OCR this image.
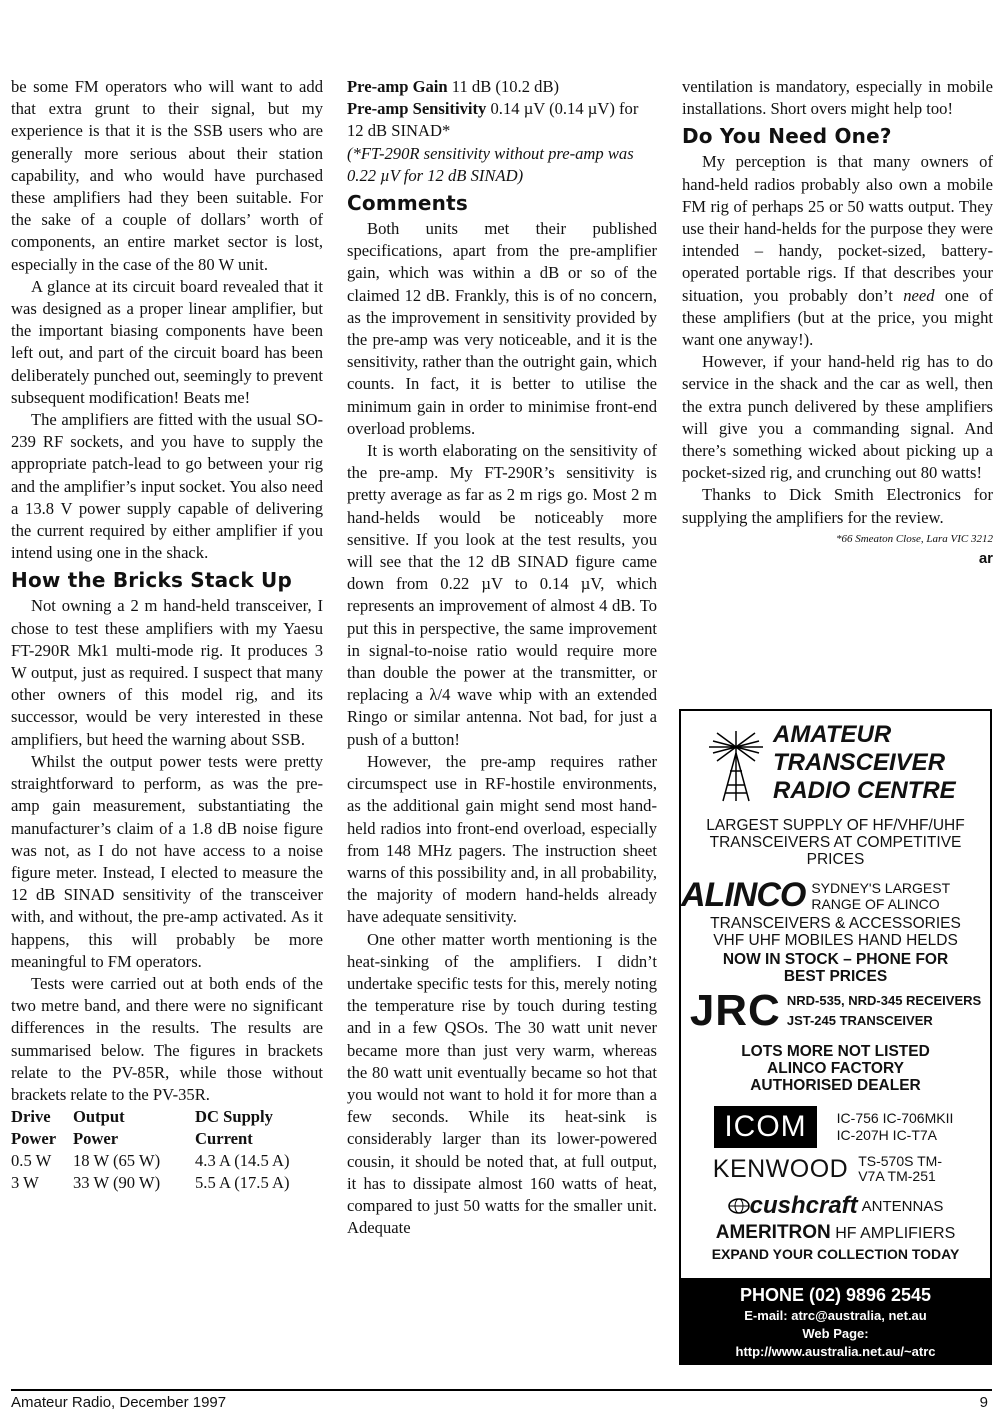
be some FM operators who will want to add that extra grunt to their signal, but my experience is that it is the SSB users who are generally more serious about their station capability, and who would have purchased these amplifiers had they been suitable. For the sake of a couple of dollars’ worth of components, an entire market sector is lost, especially in the case of the 80 W unit.

A glance at its circuit board revealed that it was designed as a proper linear amplifier, but the important biasing components have been left out, and part of the circuit board has been deliberately punched out, seemingly to prevent subsequent modification! Beats me!

The amplifiers are fitted with the usual SO-239 RF sockets, and you have to supply the appropriate patch-lead to go between your rig and the amplifier’s input socket. You also need a 13.8 V power supply capable of delivering the current required by either amplifier if you intend using one in the shack.

How the Bricks Stack Up

Not owning a 2 m hand-held transceiver, I chose to test these amplifiers with my Yaesu FT-290R Mk1 multi-mode rig. It produces 3 W output, just as required. I suspect that many other owners of this model rig, and its successor, would be very interested in these amplifiers, but heed the warning about SSB.

Whilst the output power tests were pretty straightforward to perform, as was the pre-amp gain measurement, substantiating the manufacturer’s claim of a 1.8 dB noise figure was not, as I do not have access to a noise figure meter. Instead, I elected to measure the 12 dB SINAD sensitivity of the transceiver with, and without, the pre-amp activated. As it happens, this will probably be more meaningful to FM operators.

Tests were carried out at both ends of the two metre band, and there were no significant differences in the results. The results are summarised below. The figures in brackets relate to the PV-85R, while those without brackets relate to the PV-35R.

Drive	Output	DC Supply
Power	Power	Current
0.5 W	18 W (65 W)	4.3 A (14.5 A)
3 W	33 W (90 W)	5.5 A (17.5 A)

Pre-amp Gain 11 dB (10.2 dB)

Pre-amp Sensitivity 0.14 µV (0.14 µV) for 12 dB SINAD*

(*FT-290R sensitivity without pre-amp was 0.22 µV for 12 dB SINAD)

Comments

Both units met their published specifications, apart from the pre-amplifier gain, which was within a dB or so of the claimed 12 dB. Frankly, this is of no concern, as the improvement in sensitivity provided by the pre-amp was very noticeable, and it is the sensitivity, rather than the outright gain, which counts. In fact, it is better to utilise the minimum gain in order to minimise front-end overload problems.

It is worth elaborating on the sensitivity of the pre-amp. My FT-290R’s sensitivity is pretty average as far as 2 m rigs go. Most 2 m hand-helds would be noticeably more sensitive. If you look at the test results, you will see that the 12 dB SINAD figure came down from 0.22 µV to 0.14 µV, which represents an improvement of almost 4 dB. To put this in perspective, the same improvement in signal-to-noise ratio would require more than double the power at the transmitter, or replacing a λ/4 wave whip with an extended Ringo or similar antenna. Not bad, for just a push of a button!

However, the pre-amp requires rather circumspect use in RF-hostile environments, as the additional gain might send most hand-held radios into front-end overload, especially from 148 MHz pagers. The instruction sheet warns of this possibility and, in all probability, the majority of modern hand-helds already have adequate sensitivity.

One other matter worth mentioning is the heat-sinking of the amplifiers. I didn’t undertake specific tests for this, merely noting the temperature rise by touch during testing and in a few QSOs. The 30 watt unit never became more than just very warm, whereas the 80 watt unit eventually became so hot that you would not want to hold it for more than a few seconds. While its heat-sink is considerably larger than its lower-powered cousin, it should be noted that, at full output, it has to dissipate almost 160 watts of heat, compared to just 50 watts for the smaller unit. Adequate

ventilation is mandatory, especially in mobile installations. Short overs might help too!

Do You Need One?

My perception is that many owners of hand-held radios probably also own a mobile FM rig of perhaps 25 or 50 watts output. They use their hand-helds for the purpose they were intended – handy, pocket-sized, battery-operated portable rigs. If that describes your situation, you probably don’t need one of these amplifiers (but at the price, you might want one anyway!).

However, if your hand-held rig has to do service in the shack and the car as well, then the extra punch delivered by these amplifiers will give you a commanding signal. And there’s something wicked about picking up a pocket-sized rig, and crunching out 80 watts!

Thanks to Dick Smith Electronics for supplying the amplifiers for the review.

*66 Smeaton Close, Lara VIC 3212
ar
AMATEUR
TRANSCEIVER
RADIO CENTRE
LARGEST SUPPLY OF HF/VHF/UHF TRANSCEIVERS AT COMPETITIVE PRICES
ALINCO SYDNEY'S LARGEST RANGE OF ALINCO
TRANSCEIVERS & ACCESSORIES VHF UHF MOBILES HAND HELDS
NOW IN STOCK – PHONE FOR BEST PRICES
JRC NRD-535, NRD-345 RECEIVERS
JST-245 TRANSCEIVER
LOTS MORE NOT LISTED ALINCO FACTORY AUTHORISED DEALER
ICOM	IC-756 IC-706MKII IC-207H IC-T7A
KENWOOD TS-570S TM-V7A TM-251
cushcraft ANTENNAS
AMERITRON HF AMPLIFIERS
EXPAND YOUR COLLECTION TODAY
PHONE (02) 9896 2545
E-mail: atrc@australia, net.au
Web Page:
http://www.australia.net.au/~atrc
Amateur Radio, December 1997	9
